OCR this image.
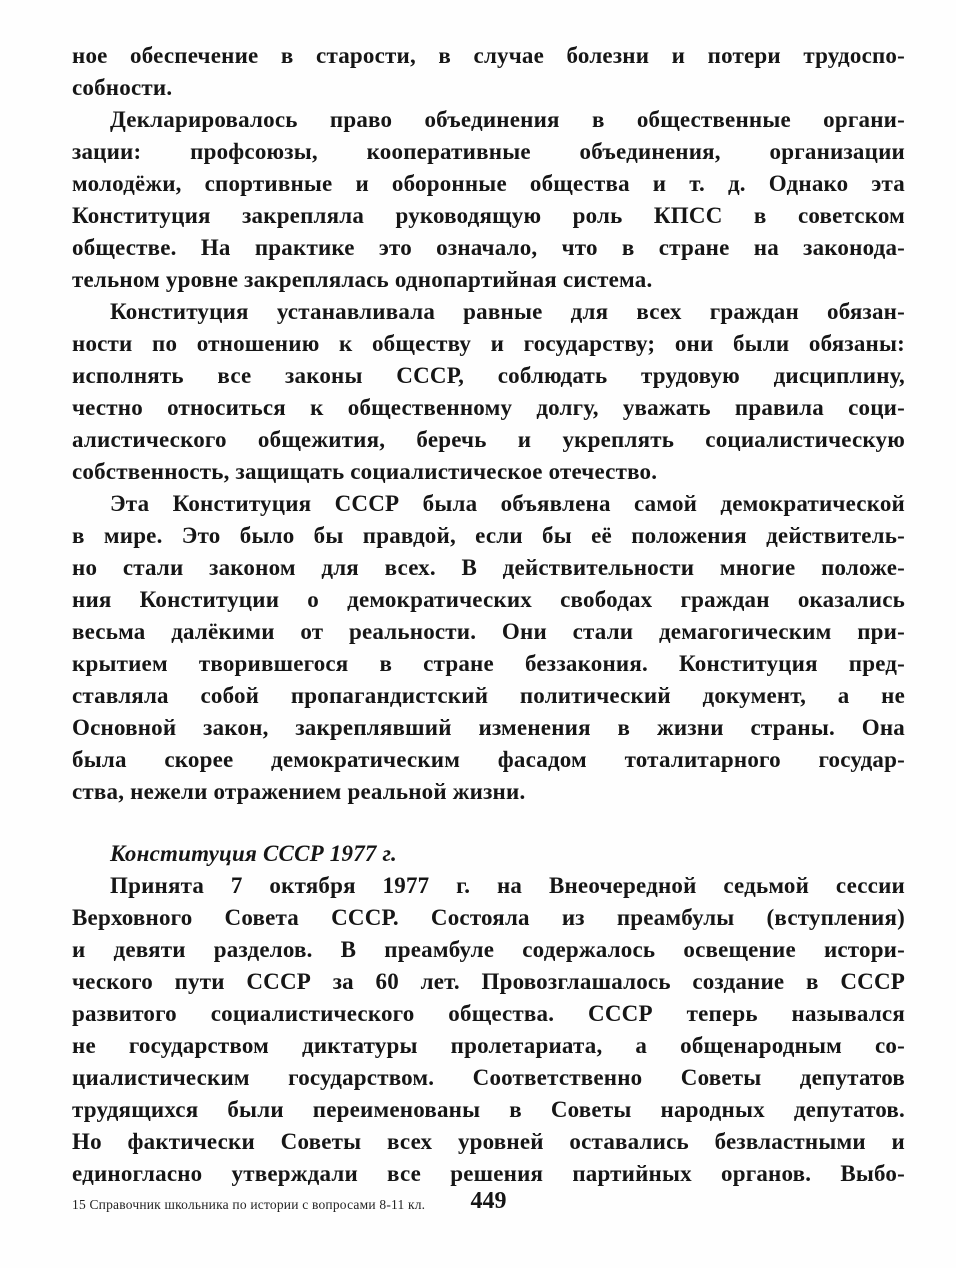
ное обеспечение в старости, в случае болезни и потери трудоспо-
собности.
Декларировалось право объединения в общественные органи-
зации: профсоюзы, кооперативные объединения, организации
молодёжи, спортивные и оборонные общества и т. д. Однако эта
Конституция закрепляла руководящую роль КПСС в советском
обществе. На практике это означало, что в стране на законода-
тельном уровне закреплялась однопартийная система.
Конституция устанавливала равные для всех граждан обязан-
ности по отношению к обществу и государству; они были обязаны:
исполнять все законы СССР, соблюдать трудовую дисциплину,
честно относиться к общественному долгу, уважать правила соци-
алистического общежития, беречь и укреплять социалистическую
собственность, защищать социалистическое отечество.
Эта Конституция СССР была объявлена самой демократической
в мире. Это было бы правдой, если бы её положения действитель-
но стали законом для всех. В действительности многие положе-
ния Конституции о демократических свободах граждан оказались
весьма далёкими от реальности. Они стали демагогическим при-
крытием творившегося в стране беззакония. Конституция пред-
ставляла собой пропагандистский политический документ, а не
Основной закон, закреплявший изменения в жизни страны. Она
была скорее демократическим фасадом тоталитарного государ-
ства, нежели отражением реальной жизни.
Конституция СССР 1977 г.
Принята 7 октября 1977 г. на Внеочередной седьмой сессии
Верховного Совета СССР. Состояла из преамбулы (вступления)
и девяти разделов. В преамбуле содержалось освещение истори-
ческого пути СССР за 60 лет. Провозглашалось создание в СССР
развитого социалистического общества. СССР теперь назывался
не государством диктатуры пролетариата, а общенародным со-
циалистическим государством. Соответственно Советы депутатов
трудящихся были переименованы в Советы народных депутатов.
Но фактически Советы всех уровней оставались безвластными и
единогласно утверждали все решения партийных органов. Выбо-
15 Справочник школьника по истории с вопросами 8-11 кл. 449
